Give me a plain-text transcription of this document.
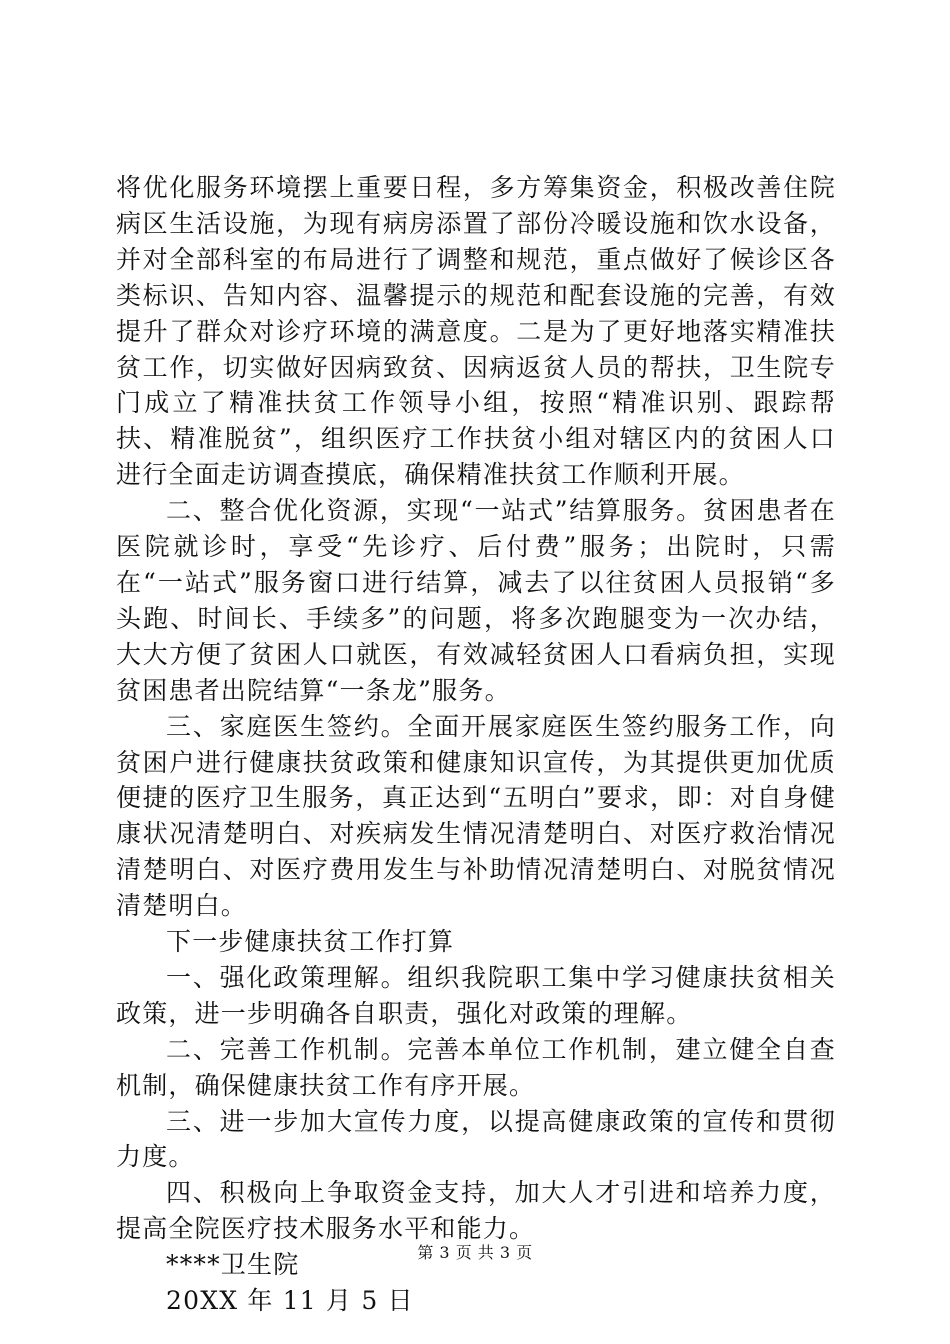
将优化服务环境摆上重要日程，多方筹集资金，积极改善住院病区生活设施，为现有病房添置了部份冷暖设施和饮水设备，并对全部科室的布局进行了调整和规范，重点做好了候诊区各类标识、告知内容、温馨提示的规范和配套设施的完善，有效提升了群众对诊疗环境的满意度。二是为了更好地落实精准扶贫工作，切实做好因病致贫、因病返贫人员的帮扶，卫生院专门成立了精准扶贫工作领导小组，按照“精准识别、跟踪帮扶、精准脱贫”，组织医疗工作扶贫小组对辖区内的贫困人口进行全面走访调查摸底，确保精准扶贫工作顺利开展。

二、整合优化资源，实现“一站式”结算服务。贫困患者在医院就诊时，享受“先诊疗、后付费”服务；出院时，只需在“一站式”服务窗口进行结算，减去了以往贫困人员报销“多头跑、时间长、手续多”的问题，将多次跑腿变为一次办结，大大方便了贫困人口就医，有效减轻贫困人口看病负担，实现贫困患者出院结算“一条龙”服务。

三、家庭医生签约。全面开展家庭医生签约服务工作，向贫困户进行健康扶贫政策和健康知识宣传，为其提供更加优质便捷的医疗卫生服务，真正达到“五明白”要求，即：对自身健康状况清楚明白、对疾病发生情况清楚明白、对医疗救治情况清楚明白、对医疗费用发生与补助情况清楚明白、对脱贫情况清楚明白。

下一步健康扶贫工作打算

一、强化政策理解。组织我院职工集中学习健康扶贫相关政策，进一步明确各自职责，强化对政策的理解。

二、完善工作机制。完善本单位工作机制，建立健全自查机制，确保健康扶贫工作有序开展。

三、进一步加大宣传力度，以提高健康政策的宣传和贯彻力度。

四、积极向上争取资金支持，加大人才引进和培养力度，提高全院医疗技术服务水平和能力。

****卫生院

20XX 年 11 月 5 日

第 3 页 共 3 页
